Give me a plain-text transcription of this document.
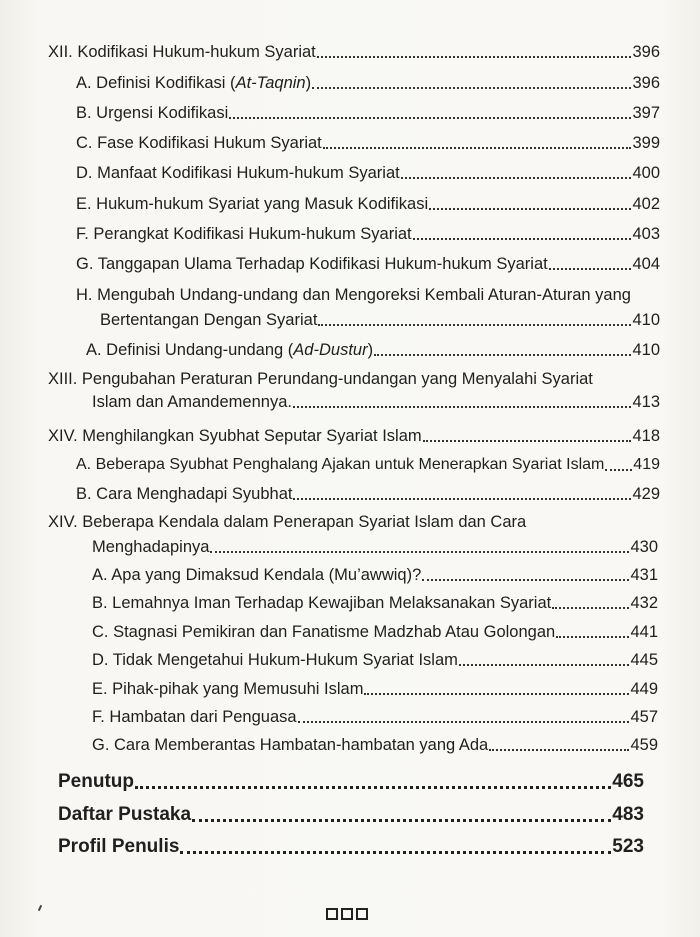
XII. Kodifikasi Hukum-hukum Syariat	396
A. Definisi Kodifikasi (At-Taqnin)	396
B. Urgensi Kodifikasi	397
C. Fase Kodifikasi Hukum Syariat	399
D. Manfaat Kodifikasi Hukum-hukum Syariat	400
E. Hukum-hukum Syariat yang Masuk Kodifikasi	402
F. Perangkat Kodifikasi Hukum-hukum Syariat	403
G. Tanggapan Ulama Terhadap Kodifikasi Hukum-hukum Syariat	404
H. Mengubah Undang-undang dan Mengoreksi Kembali Aturan-Aturan yang
Bertentangan Dengan Syariat	410
A. Definisi Undang-undang (Ad-Dustur)	410
XIII. Pengubahan Peraturan Perundang-undangan yang Menyalahi Syariat
Islam dan Amandemennya.	413
XIV. Menghilangkan Syubhat Seputar Syariat Islam	418
A. Beberapa Syubhat Penghalang Ajakan untuk Menerapkan Syariat Islam 419
B. Cara Menghadapi Syubhat	429
XIV. Beberapa Kendala dalam Penerapan Syariat Islam dan Cara
Menghadapinya	430
A. Apa yang Dimaksud Kendala (Mu’awwiq)?	431
B. Lemahnya Iman Terhadap Kewajiban Melaksanakan Syariat	432
C. Stagnasi Pemikiran dan Fanatisme Madzhab Atau Golongan	441
D. Tidak Mengetahui Hukum-Hukum Syariat Islam	445
E. Pihak-pihak yang Memusuhi Islam	449
F. Hambatan dari Penguasa	457
G. Cara Memberantas Hambatan-hambatan yang Ada	459
Penutup	465
Daftar Pustaka	483
Profil Penulis	523
